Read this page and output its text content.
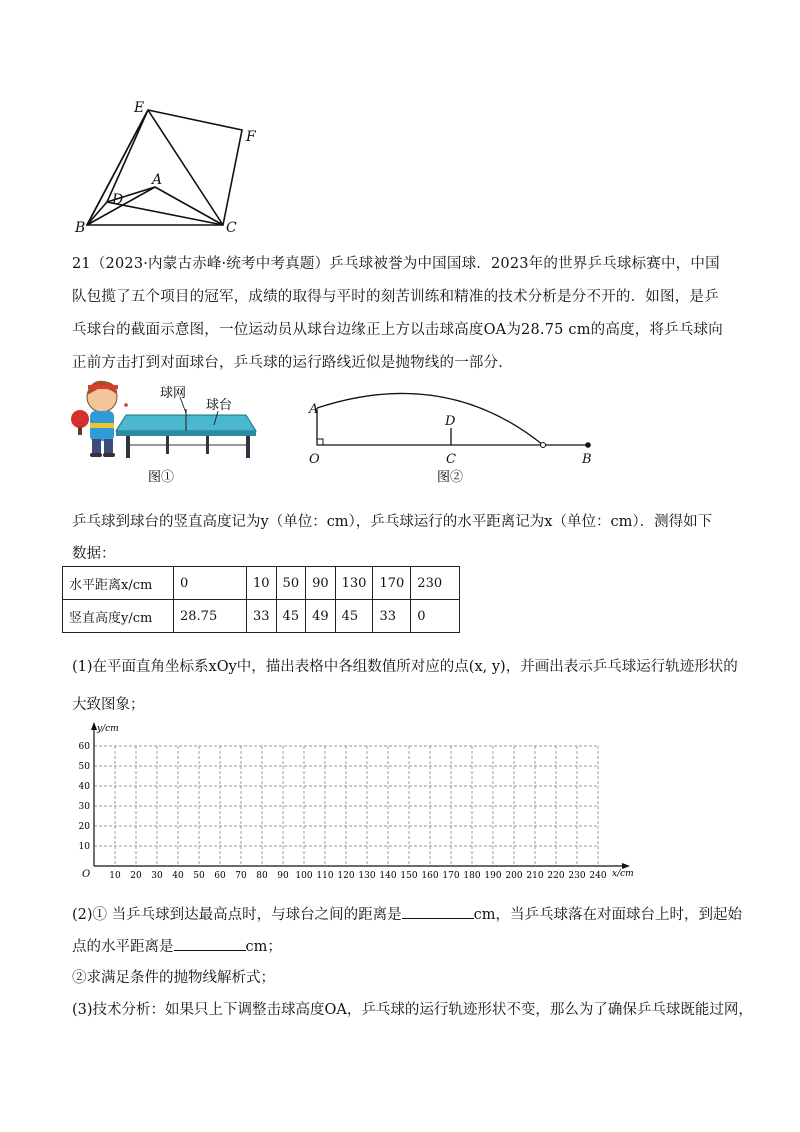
E
F
A
D
B	C
21（2023·内蒙古赤峰·统考中考真题）乒乓球被誉为中国国球．2023年的世界乒乓球标赛中，中国队包揽了五个项目的冠军，成绩的取得与平时的刻苦训练和精准的技术分析是分不开的．如图，是乒乓球台的截面示意图，一位运动员从球台边缘正上方以击球高度OA为28.75 cm的高度，将乒乓球向正前方击打到对面球台，乒乓球的运行路线近似是抛物线的一部分．
球网
球台
图①
A
D
O	C	B
图②
乒乓球到球台的竖直高度记为y（单位：cm），乒乓球运行的水平距离记为x（单位：cm）．测得如下
数据：
水平距离x/cm	0	10	50	90	130	170	230
竖直高度y/cm	28.75	33	45	49	45	33	0
(1)在平面直角坐标系xOy中，描出表格中各组数值所对应的点(x, y)，并画出表示乒乓球运行轨迹形状的
大致图象；
y/cm
x/cm
O
10
20
30
40
50
60
10 20 30 40 50 60 70 80 90 100 110 120 130 140 150 160 170 180 190 200 210 220 230 240
(2)① 当乒乓球到达最高点时，与球台之间的距离是	cm，当乒乓球落在对面球台上时，到起始
点的水平距离是	cm；
②求满足条件的抛物线解析式；
(3)技术分析：如果只上下调整击球高度OA，乒乓球的运行轨迹形状不变，那么为了确保乒乓球既能过网，
